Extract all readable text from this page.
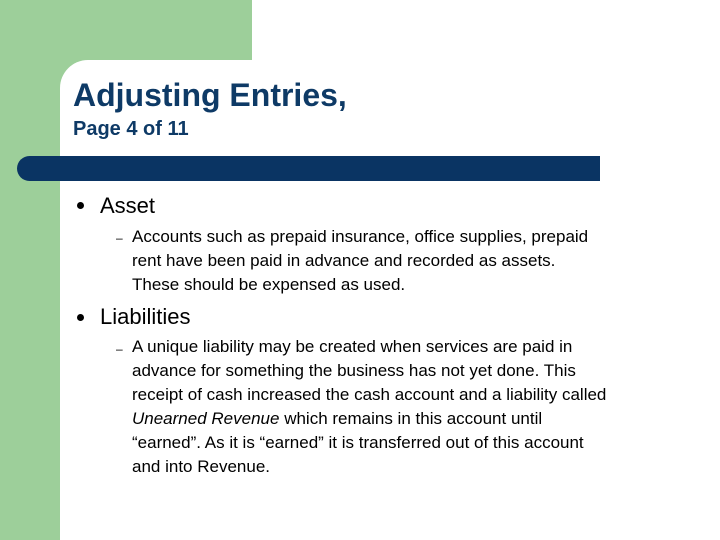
Adjusting Entries,
Page 4 of 11
Asset
– Accounts such as prepaid insurance, office supplies, prepaid
rent have been paid in advance and recorded as assets.
These should be expensed as used.
Liabilities
– A unique liability may be created when services are paid in
advance for something the business has not yet done. This
receipt of cash increased the cash account and a liability called
Unearned Revenue which remains in this account until
“earned”. As it is “earned” it is transferred out of this account
and into Revenue.
